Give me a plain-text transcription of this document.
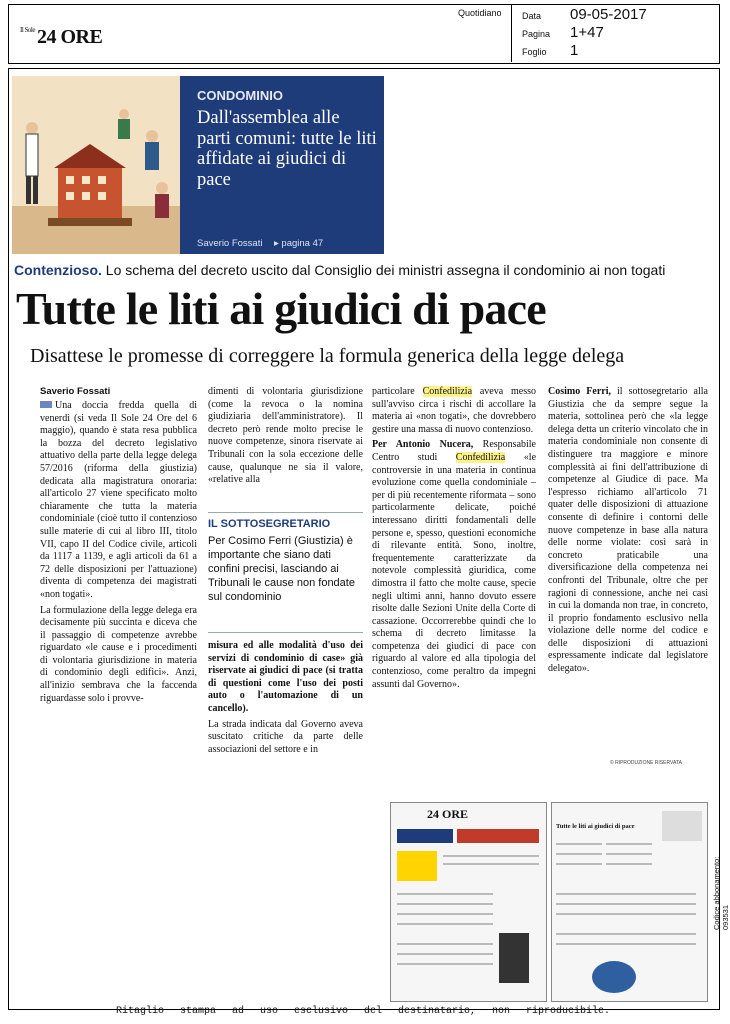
$^{Il Sole}$ 24 ORE
Quotidiano Data 09-05-2017
Pagina 1+47
Foglio 1
CONDOMINIO
Dall'assemblea alle parti comuni: tutte le liti affidate ai giudici di pace
Saverio Fossati ▸ pagina 47
Contenzioso. Lo schema del decreto uscito dal Consiglio dei ministri assegna il condominio ai non togati
Tutte le liti ai giudici di pace
Disattese le promesse di correggere la formula generica della legge delega
Saverio Fossati

Una doccia fredda quella di venerdì (si veda Il Sole 24 Ore del 6 maggio), quando è stata resa pubblica la bozza del decreto legislativo attuativo della parte della legge delega 57/2016 (riforma della giustizia) dedicata alla magistratura onoraria: all'articolo 27 viene specificato molto chiaramente che tutta la materia condominiale (cioè tutto il contenzioso sulle materie di cui al libro III, titolo VII, capo II del Codice civile, articoli da 1117 a 1139, e agli articoli da 61 a 72 delle disposizioni per l'attuazione) diventa di competenza dei magistrati «non togati».

La formulazione della legge delega era decisamente più succinta e diceva che il passaggio di competenze avrebbe riguardato «le cause e i procedimenti di volontaria giurisdizione in materia di condominio degli edifici». Anzi, all'inizio sembrava che la faccenda riguardasse solo i provve-

dimenti di volontaria giurisdizione (come la revoca o la nomina giudiziaria dell'amministratore). Il decreto però rende molto precise le nuove competenze, sinora riservate ai Tribunali con la sola eccezione delle cause, qualunque ne sia il valore, «relative alla
IL SOTTOSEGRETARIO
Per Cosimo Ferri (Giustizia) è importante che siano dati confini precisi, lasciando ai Tribunali le cause non fondate sul condominio

misura ed alle modalità d'uso dei servizi di condominio di case» già riservate ai giudici di pace (si tratta di questioni come l'uso dei posti auto o l'automazione di un cancello).

La strada indicata dal Governo aveva suscitato critiche da parte delle associazioni del settore e in

particolare Confedilizia aveva messo sull'avviso circa i rischi di accollare la materia ai «non togati», che dovrebbero gestire una massa di nuovo contenzioso.

Per Antonio Nucera, Responsabile Centro studi Confedilizia «le controversie in una materia in continua evoluzione come quella condominiale – per di più recentemente riformata – sono particolarmente delicate, poiché interessano diritti fondamentali delle persone e, spesso, questioni economiche di rilevante entità. Sono, inoltre, frequentemente caratterizzate da notevole complessità giuridica, come dimostra il fatto che molte cause, specie negli ultimi anni, hanno dovuto essere risolte dalle Sezioni Unite della Corte di cassazione. Occorrerebbe quindi che lo schema di decreto limitasse la competenza dei giudici di pace con riguardo al valore ed alla tipologia del contenzioso, come peraltro da impegni assunti dal Governo».

Cosimo Ferri, il sottosegretario alla Giustizia che da sempre segue la materia, sottolinea però che «la legge delega detta un criterio vincolato che in materia condominiale non consente di distinguere tra maggiore e minore complessità ai fini dell'attribuzione di competenze al Giudice di pace. Ma l'espresso richiamo all'articolo 71 quater delle disposizioni di attuazione consente di definire i contorni delle nuove competenze in base alla natura delle norme violate: così sarà in concreto praticabile una diversificazione della competenza nei confronti del Tribunale, oltre che per ragioni di connessione, anche nei casi in cui la domanda non trae, in concreto, il proprio fondamento esclusivo nella violazione delle norme del codice e delle disposizioni di attuazioni espressamente indicate dal legislatore delegato».

© RIPRODUZIONE RISERVATA
24 ORE
Tutte le liti ai giudici di pace
Codice abbonamento: 093531
Ritaglio stampa ad uso esclusivo del destinatario, non riproducibile.
